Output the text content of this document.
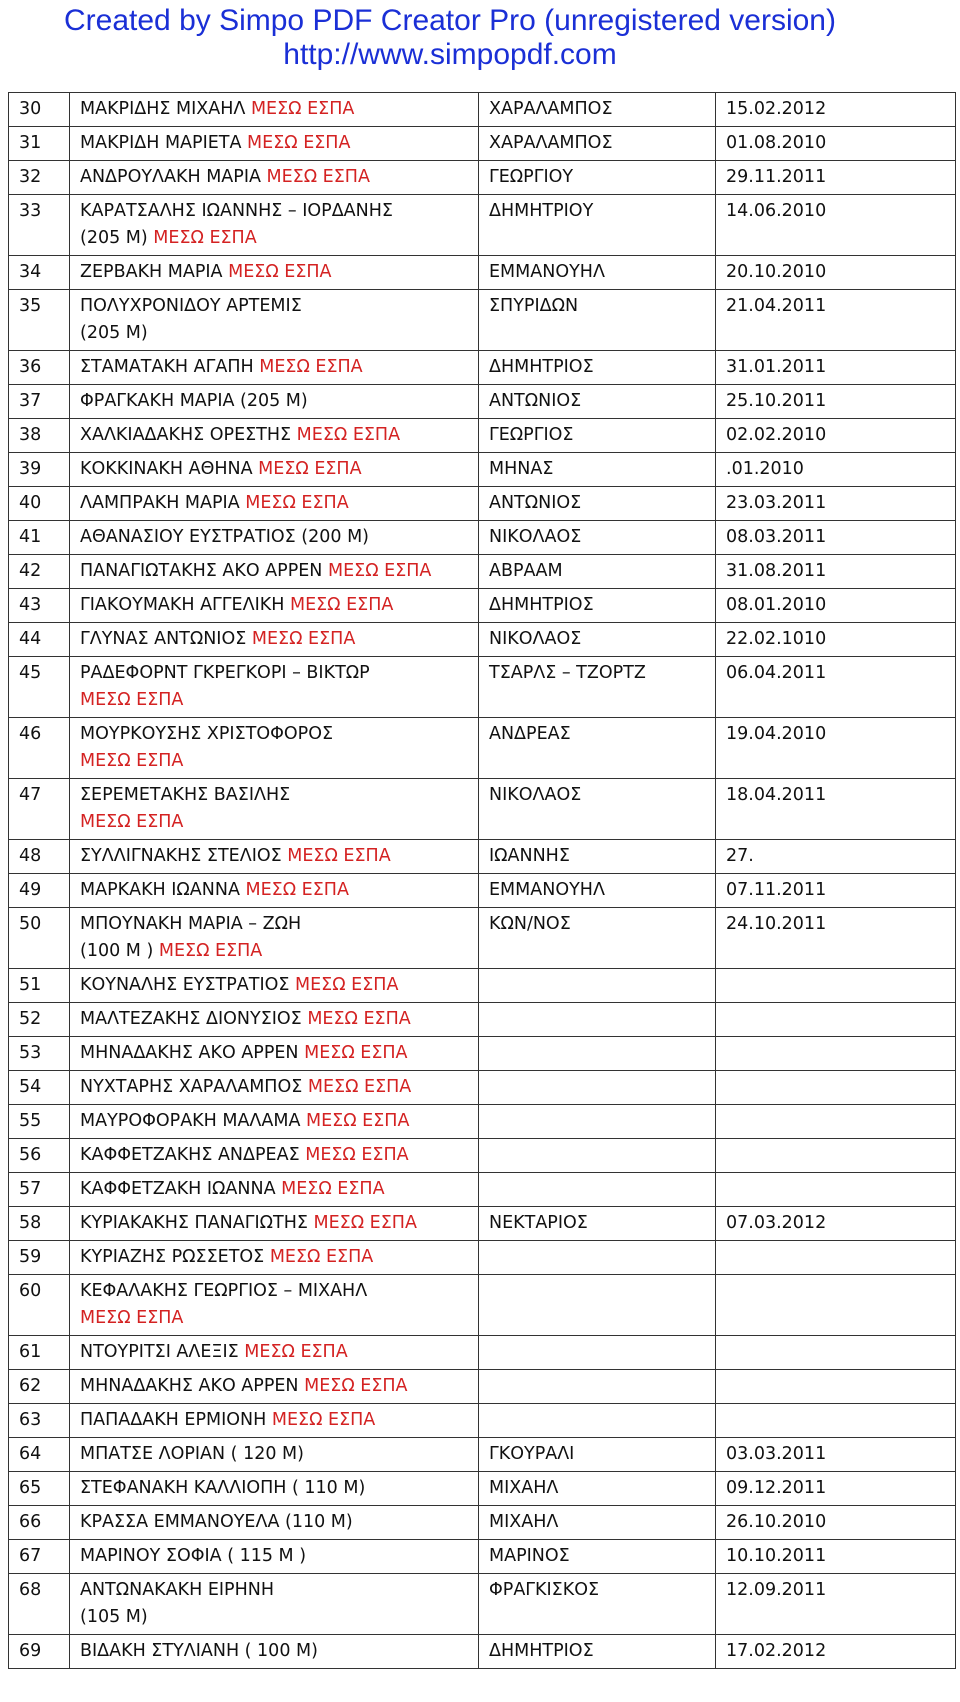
Created by Simpo PDF Creator Pro (unregistered version)
http://www.simpopdf.com
30	ΜΑΚΡΙΔΗΣ ΜΙΧΑΗΛ ΜΕΣΩ ΕΣΠΑ	ΧΑΡΑΛΑΜΠΟΣ	15.02.2012
31	ΜΑΚΡΙΔΗ ΜΑΡΙΕΤΑ ΜΕΣΩ ΕΣΠΑ	ΧΑΡΑΛΑΜΠΟΣ	01.08.2010
32	ΑΝΔΡΟΥΛΑΚΗ ΜΑΡΙΑ ΜΕΣΩ ΕΣΠΑ	ΓΕΩΡΓΙΟΥ	29.11.2011
33	ΚΑΡΑΤΣΑΛΗΣ ΙΩΑΝΝΗΣ – ΙΟΡΔΑΝΗΣ
(205 Μ) ΜΕΣΩ ΕΣΠΑ	ΔΗΜΗΤΡΙΟΥ	14.06.2010
34	ΖΕΡΒΑΚΗ ΜΑΡΙΑ ΜΕΣΩ ΕΣΠΑ	ΕΜΜΑΝΟΥΗΛ	20.10.2010
35	ΠΟΛΥΧΡΟΝΙΔΟΥ ΑΡΤΕΜΙΣ
(205 Μ)	ΣΠΥΡΙΔΩΝ	21.04.2011
36	ΣΤΑΜΑΤΑΚΗ ΑΓΑΠΗ ΜΕΣΩ ΕΣΠΑ	ΔΗΜΗΤΡΙΟΣ	31.01.2011
37	ΦΡΑΓΚΑΚΗ ΜΑΡΙΑ (205 Μ)	ΑΝΤΩΝΙΟΣ	25.10.2011
38	ΧΑΛΚΙΑΔΑΚΗΣ ΟΡΕΣΤΗΣ ΜΕΣΩ ΕΣΠΑ	ΓΕΩΡΓΙΟΣ	02.02.2010
39	ΚΟΚΚΙΝΑΚΗ ΑΘΗΝΑ ΜΕΣΩ ΕΣΠΑ	ΜΗΝΑΣ	.01.2010
40	ΛΑΜΠΡΑΚΗ ΜΑΡΙΑ ΜΕΣΩ ΕΣΠΑ	ΑΝΤΩΝΙΟΣ	23.03.2011
41	ΑΘΑΝΑΣΙΟΥ ΕΥΣΤΡΑΤΙΟΣ (200 Μ)	ΝΙΚΟΛΑΟΣ	08.03.2011
42	ΠΑΝΑΓΙΩΤΑΚΗΣ ΑΚΟ ΑΡΡΕΝ ΜΕΣΩ ΕΣΠΑ	ΑΒΡΑΑΜ	31.08.2011
43	ΓΙΑΚΟΥΜΑΚΗ ΑΓΓΕΛΙΚΗ ΜΕΣΩ ΕΣΠΑ	ΔΗΜΗΤΡΙΟΣ	08.01.2010
44	ΓΛΥΝΑΣ ΑΝΤΩΝΙΟΣ ΜΕΣΩ ΕΣΠΑ	ΝΙΚΟΛΑΟΣ	22.02.1010
45	ΡΑΔΕΦΟΡΝΤ ΓΚΡΕΓΚΟΡΙ – ΒΙΚΤΩΡ
ΜΕΣΩ ΕΣΠΑ	ΤΣΑΡΛΣ – ΤΖΟΡΤΖ	06.04.2011
46	ΜΟΥΡΚΟΥΣΗΣ ΧΡΙΣΤΟΦΟΡΟΣ
ΜΕΣΩ ΕΣΠΑ	ΑΝΔΡΕΑΣ	19.04.2010
47	ΣΕΡΕΜΕΤΑΚΗΣ ΒΑΣΙΛΗΣ
ΜΕΣΩ ΕΣΠΑ	ΝΙΚΟΛΑΟΣ	18.04.2011
48	ΣΥΛΛΙΓΝΑΚΗΣ ΣΤΕΛΙΟΣ ΜΕΣΩ ΕΣΠΑ	ΙΩΑΝΝΗΣ	27.
49	ΜΑΡΚΑΚΗ ΙΩΑΝΝΑ ΜΕΣΩ ΕΣΠΑ	ΕΜΜΑΝΟΥΗΛ	07.11.2011
50	ΜΠΟΥΝΑΚΗ ΜΑΡΙΑ – ΖΩΗ
(100 Μ ) ΜΕΣΩ ΕΣΠΑ	ΚΩΝ/ΝΟΣ	24.10.2011
51	ΚΟΥΝΑΛΗΣ ΕΥΣΤΡΑΤΙΟΣ ΜΕΣΩ ΕΣΠΑ		
52	ΜΑΛΤΕΖΑΚΗΣ ΔΙΟΝΥΣΙΟΣ ΜΕΣΩ ΕΣΠΑ		
53	ΜΗΝΑΔΑΚΗΣ ΑΚΟ ΑΡΡΕΝ ΜΕΣΩ ΕΣΠΑ		
54	ΝΥΧΤΑΡΗΣ ΧΑΡΑΛΑΜΠΟΣ ΜΕΣΩ ΕΣΠΑ		
55	ΜΑΥΡΟΦΟΡΑΚΗ ΜΑΛΑΜΑ ΜΕΣΩ ΕΣΠΑ		
56	ΚΑΦΦΕΤΖΑΚΗΣ ΑΝΔΡΕΑΣ ΜΕΣΩ ΕΣΠΑ		
57	ΚΑΦΦΕΤΖΑΚΗ ΙΩΑΝΝΑ ΜΕΣΩ ΕΣΠΑ		
58	ΚΥΡΙΑΚΑΚΗΣ ΠΑΝΑΓΙΩΤΗΣ ΜΕΣΩ ΕΣΠΑ	ΝΕΚΤΑΡΙΟΣ	07.03.2012
59	ΚΥΡΙΑΖΗΣ ΡΩΣΣΕΤΟΣ ΜΕΣΩ ΕΣΠΑ		
60	ΚΕΦΑΛΑΚΗΣ ΓΕΩΡΓΙΟΣ – ΜΙΧΑΗΛ
ΜΕΣΩ ΕΣΠΑ		

61	ΝΤΟΥΡΙΤΣΙ ΑΛΕΞΙΣ ΜΕΣΩ ΕΣΠΑ		
62	ΜΗΝΑΔΑΚΗΣ ΑΚΟ ΑΡΡΕΝ ΜΕΣΩ ΕΣΠΑ		
63	ΠΑΠΑΔΑΚΗ ΕΡΜΙΟΝΗ ΜΕΣΩ ΕΣΠΑ		
64	ΜΠΑΤΣΕ ΛΟΡΙΑΝ ( 120 Μ)	ΓΚΟΥΡΑΛΙ	03.03.2011
65	ΣΤΕΦΑΝΑΚΗ ΚΑΛΛΙΟΠΗ ( 110 Μ)	ΜΙΧΑΗΛ	09.12.2011
66	ΚΡΑΣΣΑ ΕΜΜΑΝΟΥΕΛΑ (110 Μ)	ΜΙΧΑΗΛ	26.10.2010
67	ΜΑΡΙΝΟΥ ΣΟΦΙΑ ( 115 Μ )	ΜΑΡΙΝΟΣ	10.10.2011
68	ΑΝΤΩΝΑΚΑΚΗ ΕΙΡΗΝΗ
(105 Μ)	ΦΡΑΓΚΙΣΚΟΣ	12.09.2011
69	ΒΙΔΑΚΗ ΣΤΥΛΙΑΝΗ ( 100 Μ)	ΔΗΜΗΤΡΙΟΣ	17.02.2012
